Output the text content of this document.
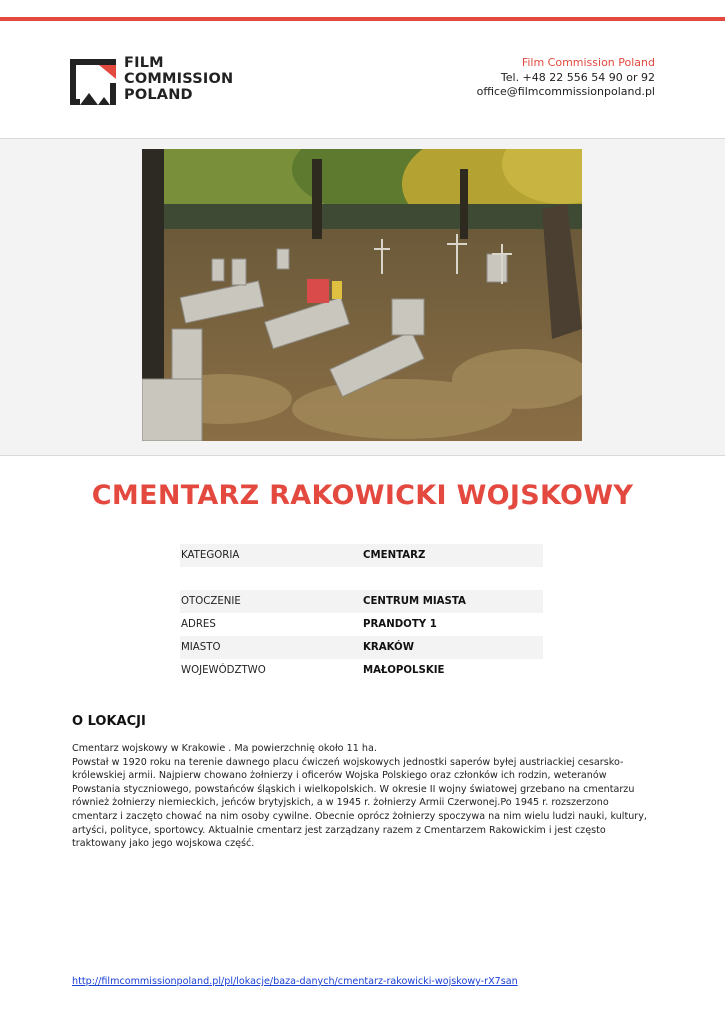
FILM
COMMISSION
POLAND
Film Commission Poland
Tel. +48 22 556 54 90 or 92
office@filmcommissionpoland.pl
CMENTARZ RAKOWICKI WOJSKOWY
KATEGORIA	CMENTARZ
OTOCZENIE	CENTRUM MIASTA
ADRES	PRANDOTY 1
MIASTO	KRAKÓW
WOJEWÓDZTWO	MAŁOPOLSKIE
O LOKACJI

Cmentarz wojskowy w Krakowie . Ma powierzchnię około 11 ha.

Powstał w 1920 roku na terenie dawnego placu ćwiczeń wojskowych jednostki saperów byłej austriackiej cesarsko-królewskiej armii. Najpierw chowano żołnierzy i oficerów Wojska Polskiego oraz członków ich rodzin, weteranów Powstania styczniowego, powstańców śląskich i wielkopolskich. W okresie II wojny światowej grzebano na cmentarzu również żołnierzy niemieckich, jeńców brytyjskich, a w 1945 r. żołnierzy Armii Czerwonej.Po 1945 r. rozszerzono cmentarz i zaczęto chować na nim osoby cywilne. Obecnie oprócz żołnierzy spoczywa na nim wielu ludzi nauki, kultury, artyści, polityce, sportowcy. Aktualnie cmentarz jest zarządzany razem z Cmentarzem Rakowickim i jest często traktowany jako jego wojskowa część.

http://filmcommissionpoland.pl/pl/lokacje/baza-danych/cmentarz-rakowicki-wojskowy-rX7san
